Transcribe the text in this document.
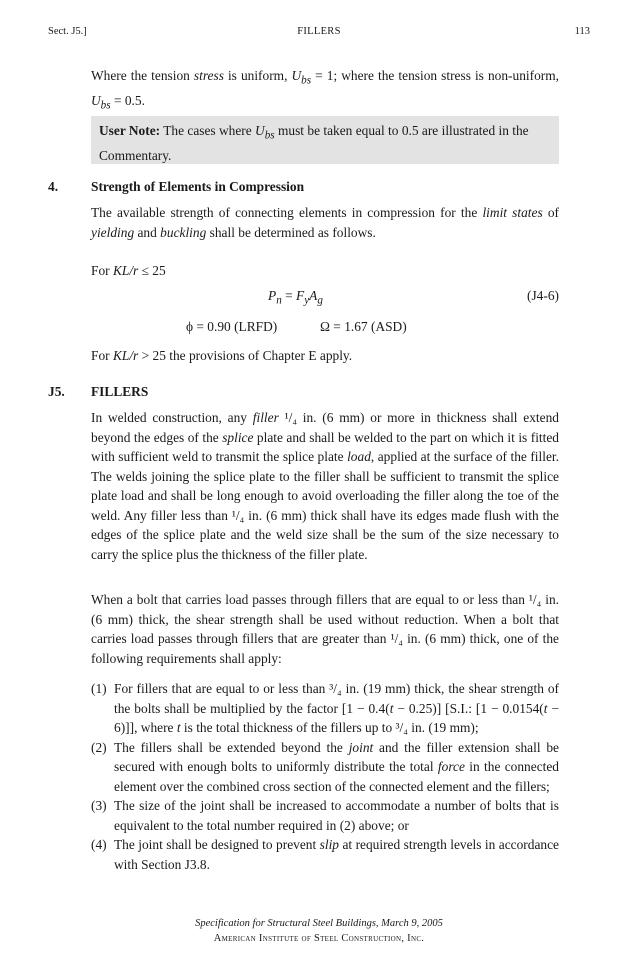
Sect. J5.]	FILLERS	113
Where the tension stress is uniform, $U_{bs} = 1$; where the tension stress is non-uniform, $U_{bs} = 0.5$.
User Note: The cases where $U_{bs}$ must be taken equal to 0.5 are illustrated in the Commentary.
4. Strength of Elements in Compression
The available strength of connecting elements in compression for the limit states of yielding and buckling shall be determined as follows.
For KL/r ≤ 25
$P_n = F_yA_g$	(J4-6)
ϕ = 0.90 (LRFD)	Ω = 1.67 (ASD)
For KL/r > 25 the provisions of Chapter E apply.
J5. FILLERS
In welded construction, any filler ¹/₄ in. (6 mm) or more in thickness shall extend beyond the edges of the splice plate and shall be welded to the part on which it is fitted with sufficient weld to transmit the splice plate load, applied at the surface of the filler. The welds joining the splice plate to the filler shall be sufficient to transmit the splice plate load and shall be long enough to avoid overloading the filler along the toe of the weld. Any filler less than ¹/₄ in. (6 mm) thick shall have its edges made flush with the edges of the splice plate and the weld size shall be the sum of the size necessary to carry the splice plus the thickness of the filler plate.
When a bolt that carries load passes through fillers that are equal to or less than ¹/₄ in. (6 mm) thick, the shear strength shall be used without reduction. When a bolt that carries load passes through fillers that are greater than ¹/₄ in. (6 mm) thick, one of the following requirements shall apply:
(1) For fillers that are equal to or less than ³/₄ in. (19 mm) thick, the shear strength of the bolts shall be multiplied by the factor [1 − 0.4(t − 0.25)] [S.I.: [1 − 0.0154(t − 6)]], where t is the total thickness of the fillers up to ³/₄ in. (19 mm);
(2) The fillers shall be extended beyond the joint and the filler extension shall be secured with enough bolts to uniformly distribute the total force in the connected element over the combined cross section of the connected element and the fillers;
(3) The size of the joint shall be increased to accommodate a number of bolts that is equivalent to the total number required in (2) above; or
(4) The joint shall be designed to prevent slip at required strength levels in accordance with Section J3.8.
Specification for Structural Steel Buildings, March 9, 2005
American Institute of Steel Construction, Inc.
